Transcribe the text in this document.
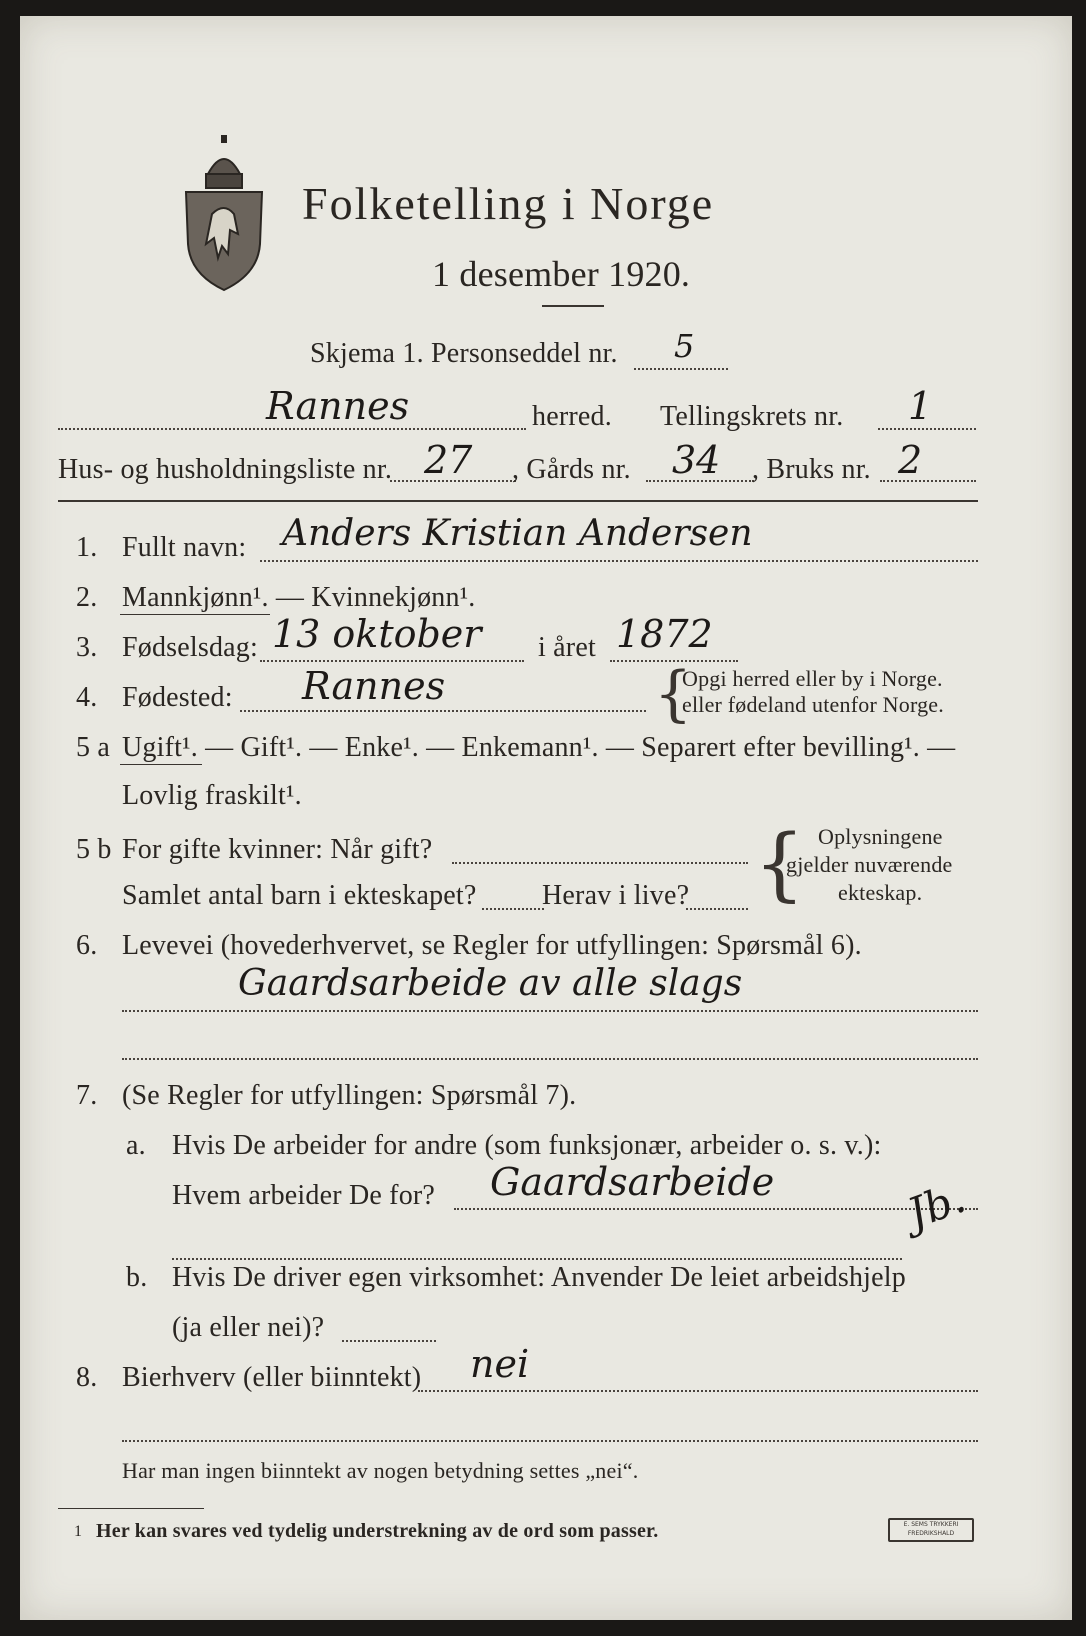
Folketelling i Norge
1 desember 1920.
Skjema 1. Personseddel nr. 5
Rannes	herred. Tellingskrets nr. 1
Hus- og husholdningsliste nr. 27 , Gårds nr. 34 , Bruks nr. 2
1. Fullt navn: Anders Kristian Andersen
2. Mannkjønn¹. — Kvinnekjønn¹.
3. Fødselsdag: 13 oktober i året 1872
4. Fødested: Rannes	{
Opgi herred eller by i Norge.
eller fødeland utenfor Norge.
5 a Ugift¹. — Gift¹. — Enke¹. — Enkemann¹. — Separert efter bevilling¹. —
Lovlig fraskilt¹.
5 b For gifte kvinner: Når gift?
Samlet antal barn i ekteskapet? Herav i live? { Oplysningene
gjelder nuværende
ekteskap.
6. Levevei (hovederhvervet, se Regler for utfyllingen: Spørsmål 6).
Gaardsarbeide av alle slags
7. (Se Regler for utfyllingen: Spørsmål 7).
a. Hvis De arbeider for andre (som funksjonær, arbeider o. s. v.):
Hvem arbeider De for? Gaardsarbeide	Jb.
b. Hvis De driver egen virksomhet: Anvender De leiet arbeidshjelp
(ja eller nei)?
8. Bierhverv (eller biinntekt) nei
Har man ingen biinntekt av nogen betydning settes „nei“.
1 Her kan svares ved tydelig understrekning av de ord som passer.	E. SEMS TRYKKERI FREDRIKSHALD
